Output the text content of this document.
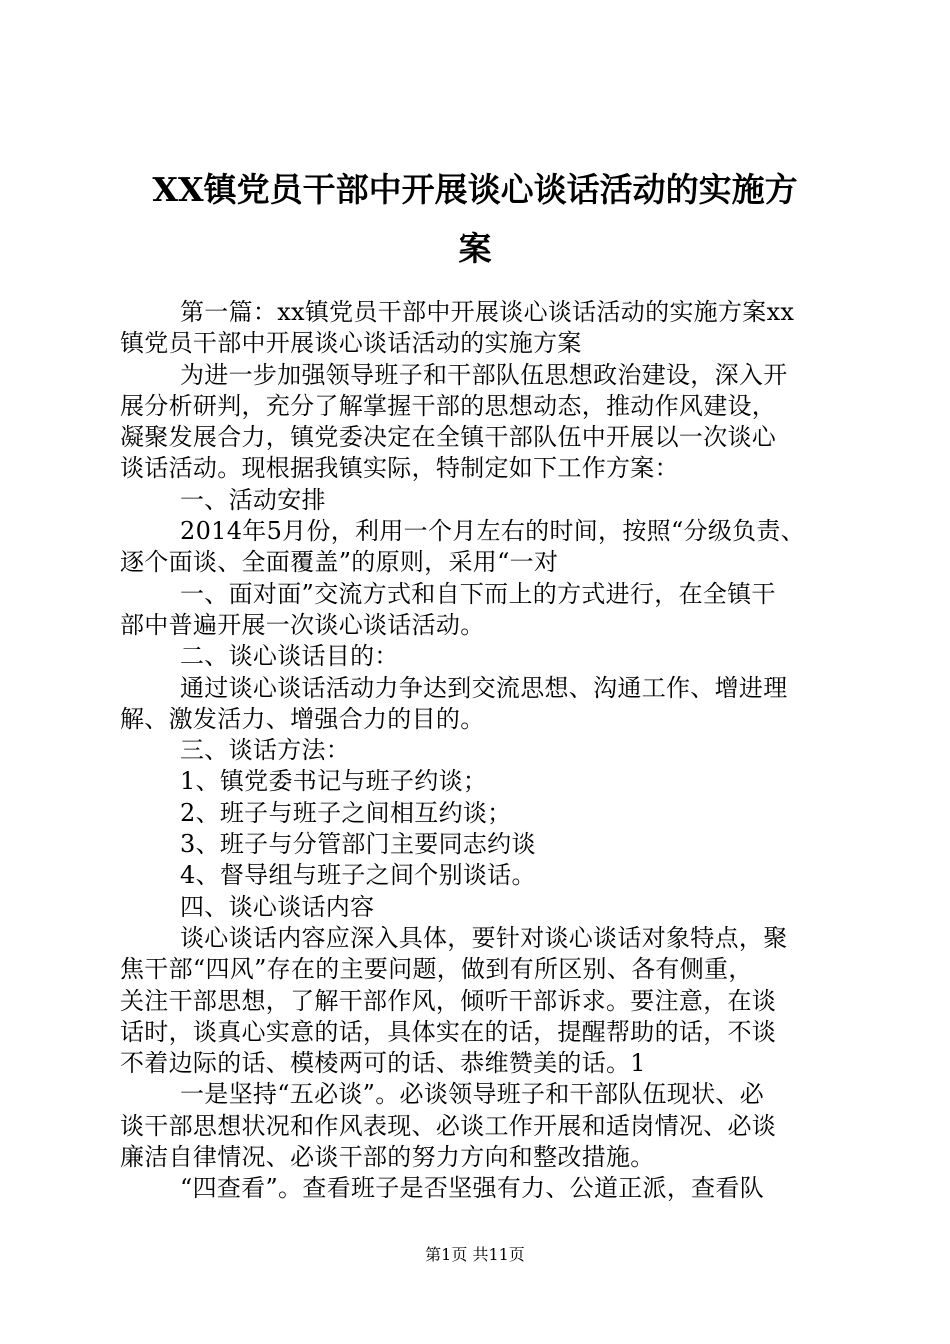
XX镇党员干部中开展谈心谈话活动的实施方
案
第一篇：xx镇党员干部中开展谈心谈话活动的实施方案xx
镇党员干部中开展谈心谈话活动的实施方案
为进一步加强领导班子和干部队伍思想政治建设，深入开
展分析研判，充分了解掌握干部的思想动态，推动作风建设，
凝聚发展合力，镇党委决定在全镇干部队伍中开展以一次谈心
谈话活动。现根据我镇实际，特制定如下工作方案：
一、活动安排
2014年5月份，利用一个月左右的时间，按照“分级负责、
逐个面谈、全面覆盖”的原则，采用“一对
一、面对面”交流方式和自下而上的方式进行，在全镇干
部中普遍开展一次谈心谈话活动。
二、谈心谈话目的：
通过谈心谈话活动力争达到交流思想、沟通工作、增进理
解、激发活力、增强合力的目的。
三、谈话方法：
1、镇党委书记与班子约谈；
2、班子与班子之间相互约谈；
3、班子与分管部门主要同志约谈
4、督导组与班子之间个别谈话。
四、谈心谈话内容
谈心谈话内容应深入具体，要针对谈心谈话对象特点，聚
焦干部“四风”存在的主要问题，做到有所区别、各有侧重，
关注干部思想，了解干部作风，倾听干部诉求。要注意，在谈
话时，谈真心实意的话，具体实在的话，提醒帮助的话，不谈
不着边际的话、模棱两可的话、恭维赞美的话。1
一是坚持“五必谈”。必谈领导班子和干部队伍现状、必
谈干部思想状况和作风表现、必谈工作开展和适岗情况、必谈
廉洁自律情况、必谈干部的努力方向和整改措施。
“四查看”。查看班子是否坚强有力、公道正派，查看队
第1页 共11页
